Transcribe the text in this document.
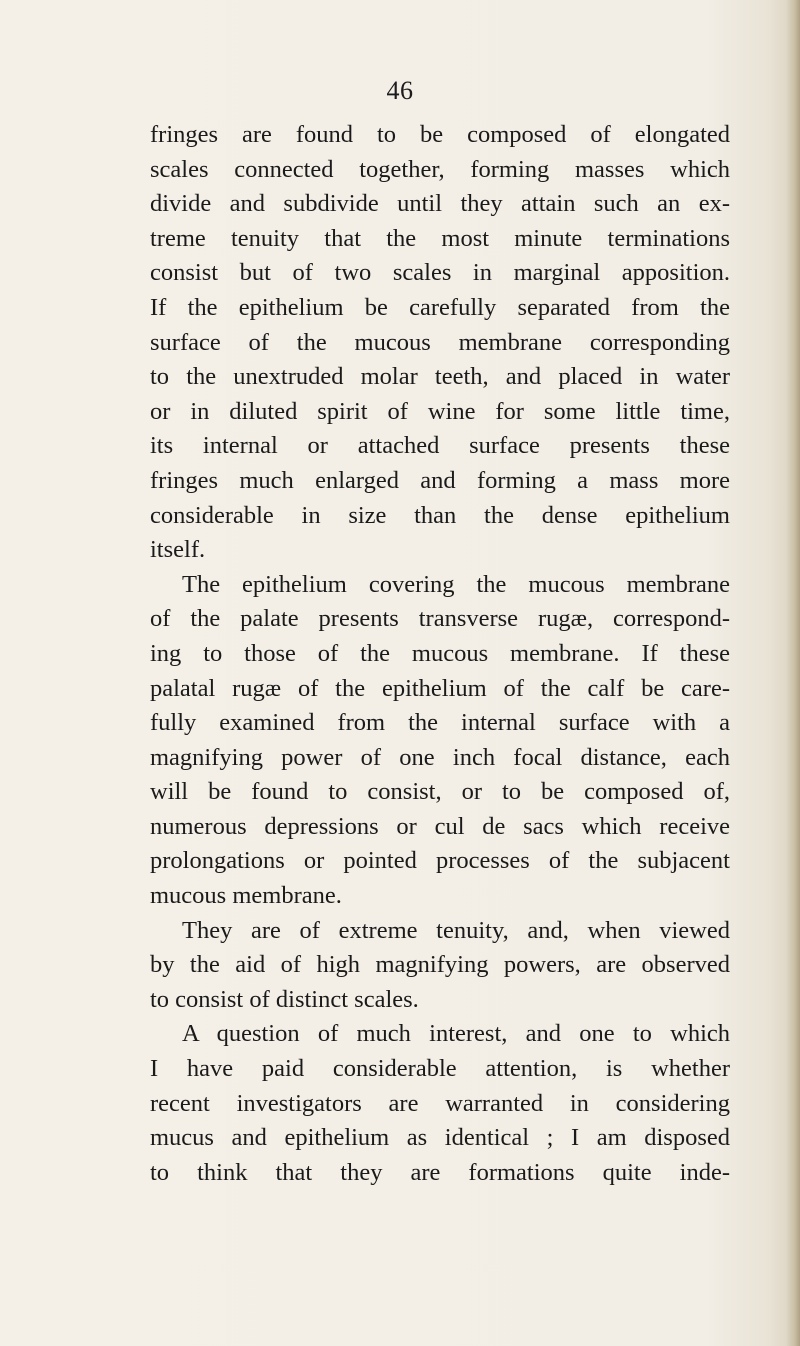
46
fringes are found to be composed of elongated
scales connected together, forming masses which
divide and subdivide until they attain such an ex-
treme tenuity that the most minute terminations
consist but of two scales in marginal apposition.
If the epithelium be carefully separated from the
surface of the mucous membrane corresponding
to the unextruded molar teeth, and placed in water
or in diluted spirit of wine for some little time,
its internal or attached surface presents these
fringes much enlarged and forming a mass more
considerable in size than the dense epithelium
itself.
The epithelium covering the mucous membrane
of the palate presents transverse rugæ, correspond-
ing to those of the mucous membrane. If these
palatal rugæ of the epithelium of the calf be care-
fully examined from the internal surface with a
magnifying power of one inch focal distance, each
will be found to consist, or to be composed of,
numerous depressions or cul de sacs which receive
prolongations or pointed processes of the subjacent
mucous membrane.
They are of extreme tenuity, and, when viewed
by the aid of high magnifying powers, are observed
to consist of distinct scales.
A question of much interest, and one to which
I have paid considerable attention, is whether
recent investigators are warranted in considering
mucus and epithelium as identical ; I am disposed
to think that they are formations quite inde-
